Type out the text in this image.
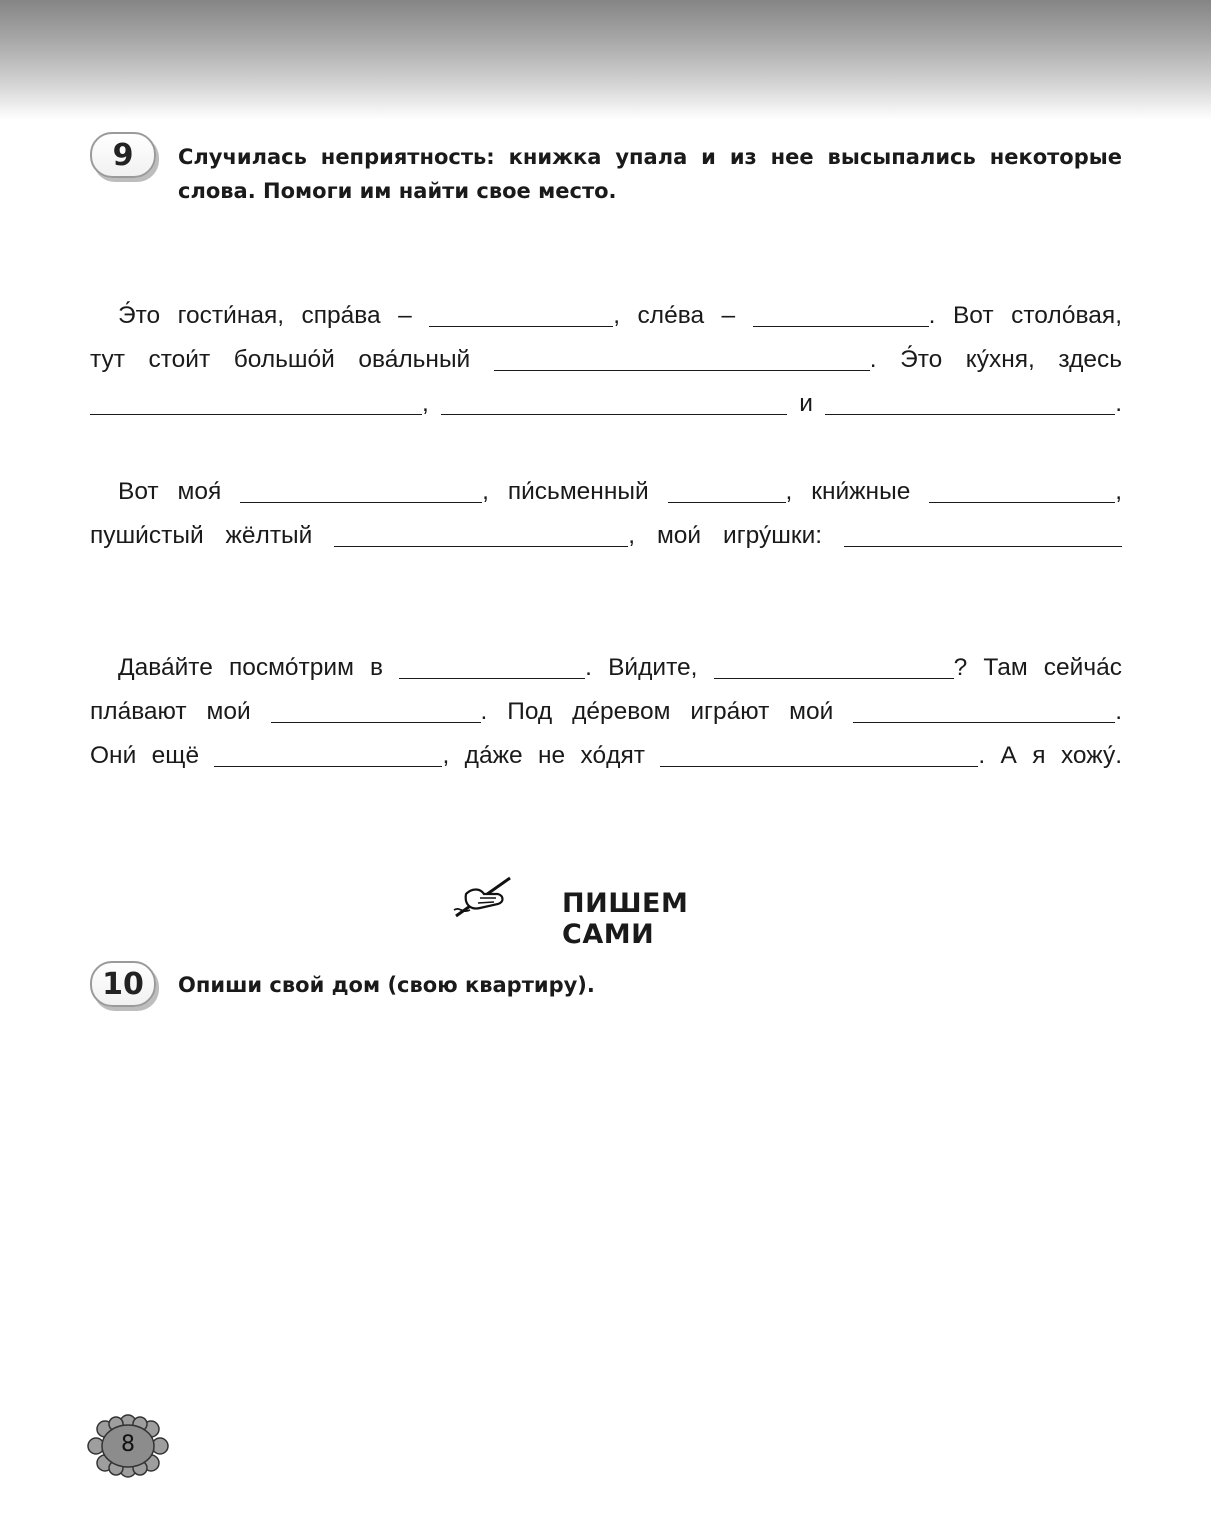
9 Случилась неприятность: книжка упала и из нее высыпались некоторые
слова. Помоги им найти свое место.

Э́то гости́ная, спра́ва –	, сле́ва –	. Вот столо́вая,
тут стои́т большо́й ова́льный	. Э́то ку́хня, здесь
,	и	.

Вот моя́	, пи́сьменный	, кни́жные	,
пуши́стый жёлтый	, мои́ игру́шки:

Дава́йте посмо́трим в	. Ви́дите,	? Там сейча́с
пла́вают мои́	. Под де́ревом игра́ют мои́	.
Они́ ещё	, да́же не хо́дят	. А я хожу́.

ПИШЕМ САМИ
10 Опиши свой дом (свою квартиру).
8
